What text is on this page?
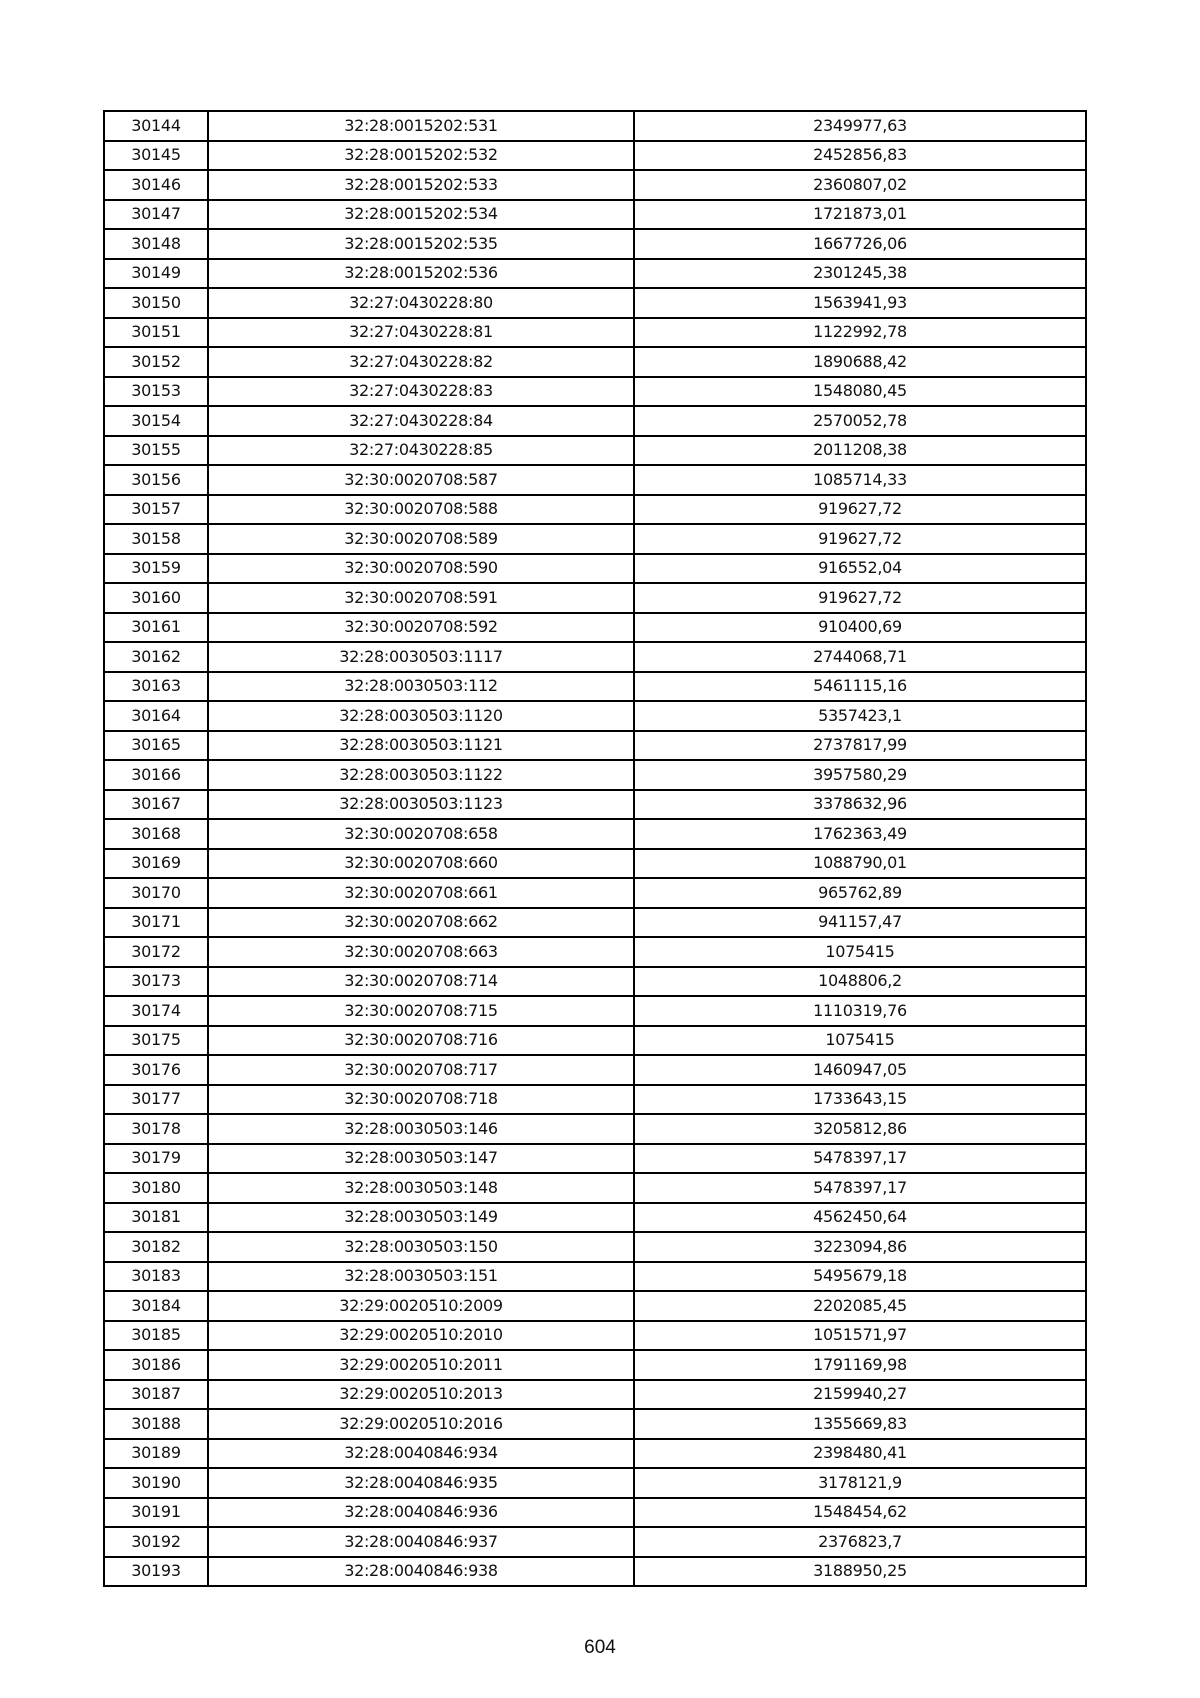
30144	32:28:0015202:531	2349977,63
30145	32:28:0015202:532	2452856,83
30146	32:28:0015202:533	2360807,02
30147	32:28:0015202:534	1721873,01
30148	32:28:0015202:535	1667726,06
30149	32:28:0015202:536	2301245,38
30150	32:27:0430228:80	1563941,93
30151	32:27:0430228:81	1122992,78
30152	32:27:0430228:82	1890688,42
30153	32:27:0430228:83	1548080,45
30154	32:27:0430228:84	2570052,78
30155	32:27:0430228:85	2011208,38
30156	32:30:0020708:587	1085714,33
30157	32:30:0020708:588	919627,72
30158	32:30:0020708:589	919627,72
30159	32:30:0020708:590	916552,04
30160	32:30:0020708:591	919627,72
30161	32:30:0020708:592	910400,69
30162	32:28:0030503:1117	2744068,71
30163	32:28:0030503:112	5461115,16
30164	32:28:0030503:1120	5357423,1
30165	32:28:0030503:1121	2737817,99
30166	32:28:0030503:1122	3957580,29
30167	32:28:0030503:1123	3378632,96
30168	32:30:0020708:658	1762363,49
30169	32:30:0020708:660	1088790,01
30170	32:30:0020708:661	965762,89
30171	32:30:0020708:662	941157,47
30172	32:30:0020708:663	1075415
30173	32:30:0020708:714	1048806,2
30174	32:30:0020708:715	1110319,76
30175	32:30:0020708:716	1075415
30176	32:30:0020708:717	1460947,05
30177	32:30:0020708:718	1733643,15
30178	32:28:0030503:146	3205812,86
30179	32:28:0030503:147	5478397,17
30180	32:28:0030503:148	5478397,17
30181	32:28:0030503:149	4562450,64
30182	32:28:0030503:150	3223094,86
30183	32:28:0030503:151	5495679,18
30184	32:29:0020510:2009	2202085,45
30185	32:29:0020510:2010	1051571,97
30186	32:29:0020510:2011	1791169,98
30187	32:29:0020510:2013	2159940,27
30188	32:29:0020510:2016	1355669,83
30189	32:28:0040846:934	2398480,41
30190	32:28:0040846:935	3178121,9
30191	32:28:0040846:936	1548454,62
30192	32:28:0040846:937	2376823,7
30193	32:28:0040846:938	3188950,25
604
